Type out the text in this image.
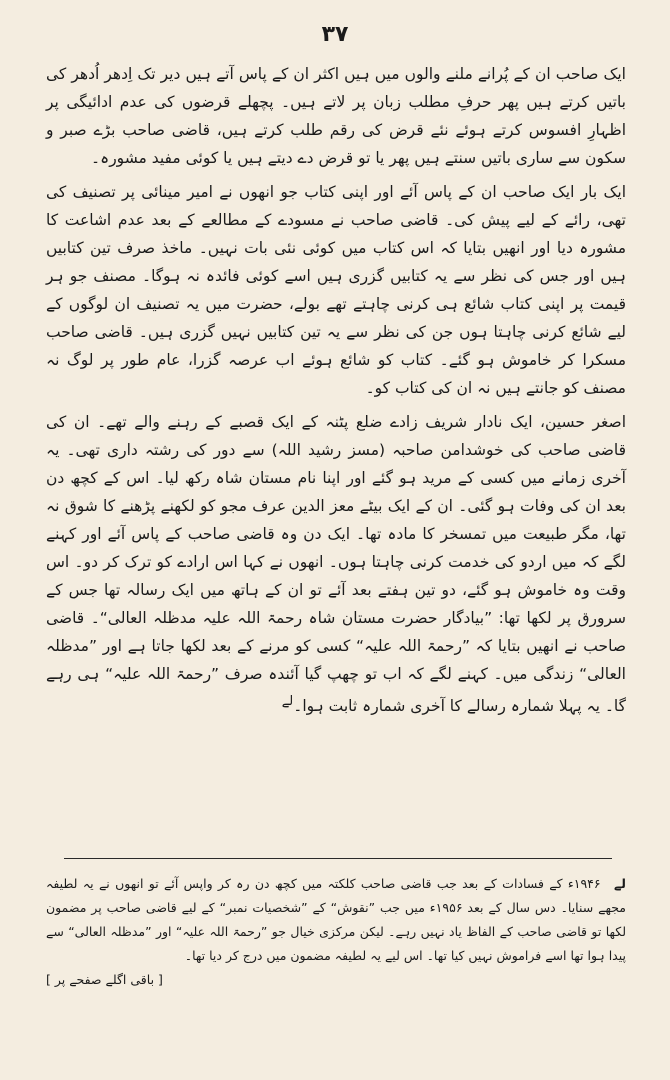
۳۷

ایک صاحب ان کے پُرانے ملنے والوں میں ہیں اکثر ان کے پاس آتے ہیں دیر تک اِدھر اُدھر کی باتیں کرتے ہیں پھر حرفِ مطلب زبان پر لاتے ہیں۔ پچھلے قرضوں کی عدم ادائیگی پر اظہارِ افسوس کرتے ہوئے نئے قرض کی رقم طلب کرتے ہیں، قاضی صاحب بڑے صبر و سکون سے ساری باتیں سنتے ہیں پھر یا تو قرض دے دیتے ہیں یا کوئی مفید مشورہ۔

ایک بار ایک صاحب ان کے پاس آئے اور اپنی کتاب جو انھوں نے امیر مینائی پر تصنیف کی تھی، رائے کے لیے پیش کی۔ قاضی صاحب نے مسودے کے مطالعے کے بعد عدم اشاعت کا مشورہ دیا اور انھیں بتایا کہ اس کتاب میں کوئی نئی بات نہیں۔ ماخذ صرف تین کتابیں ہیں اور جس کی نظر سے یہ کتابیں گزری ہیں اسے کوئی فائدہ نہ ہوگا۔ مصنف جو ہر قیمت پر اپنی کتاب شائع ہی کرنی چاہتے تھے بولے، حضرت میں یہ تصنیف ان لوگوں کے لیے شائع کرنی چاہتا ہوں جن کی نظر سے یہ تین کتابیں نہیں گزری ہیں۔ قاضی صاحب مسکرا کر خاموش ہو گئے۔ کتاب کو شائع ہوئے اب عرصہ گزرا، عام طور پر لوگ نہ مصنف کو جانتے ہیں نہ ان کی کتاب کو۔

اصغر حسین، ایک نادار شریف زادے ضلع پٹنہ کے ایک قصبے کے رہنے والے تھے۔ ان کی قاضی صاحب کی خوشدامن صاحبہ (مسز رشید اللہ) سے دور کی رشتہ داری تھی۔ یہ آخری زمانے میں کسی کے مرید ہو گئے اور اپنا نام مستان شاہ رکھ لیا۔ اس کے کچھ دن بعد ان کی وفات ہو گئی۔ ان کے ایک بیٹے معز الدین عرف مجو کو لکھنے پڑھنے کا شوق نہ تھا، مگر طبیعت میں تمسخر کا مادہ تھا۔ ایک دن وہ قاضی صاحب کے پاس آئے اور کہنے لگے کہ میں اردو کی خدمت کرنی چاہتا ہوں۔ انھوں نے کہا اس ارادے کو ترک کر دو۔ اس وقت وہ خاموش ہو گئے، دو تین ہفتے بعد آئے تو ان کے ہاتھ میں ایک رسالہ تھا جس کے سرورق پر لکھا تھا: ”بیادگار حضرت مستان شاہ رحمۃ اللہ علیہ مدظلہ العالی“۔ قاضی صاحب نے انھیں بتایا کہ ”رحمۃ اللہ علیہ“ کسی کو مرنے کے بعد لکھا جاتا ہے اور ”مدظلہ العالی“ زندگی میں۔ کہنے لگے کہ اب تو چھپ گیا آئندہ صرف ”رحمۃ اللہ علیہ“ ہی رہے گا۔ یہ پہلا شمارہ رسالے کا آخری شمارہ ثابت ہوا۔$^{لے}$

لے ۱۹۴۶ء کے فسادات کے بعد جب قاضی صاحب کلکتہ میں کچھ دن رہ کر واپس آئے تو انھوں نے یہ لطیفہ مجھے سنایا۔ دس سال کے بعد ۱۹۵۶ء میں جب ”نقوش“ کے ”شخصیات نمبر“ کے لیے قاضی صاحب پر مضمون لکھا تو قاضی صاحب کے الفاظ یاد نہیں رہے۔ لیکن مرکزی خیال جو ”رحمۃ اللہ علیہ“ اور ”مدظلہ العالی“ سے پیدا ہوا تھا اسے فراموش نہیں کیا تھا۔ اس لیے یہ لطیفہ مضمون میں درج کر دیا تھا۔
[ باقی اگلے صفحے پر ]
